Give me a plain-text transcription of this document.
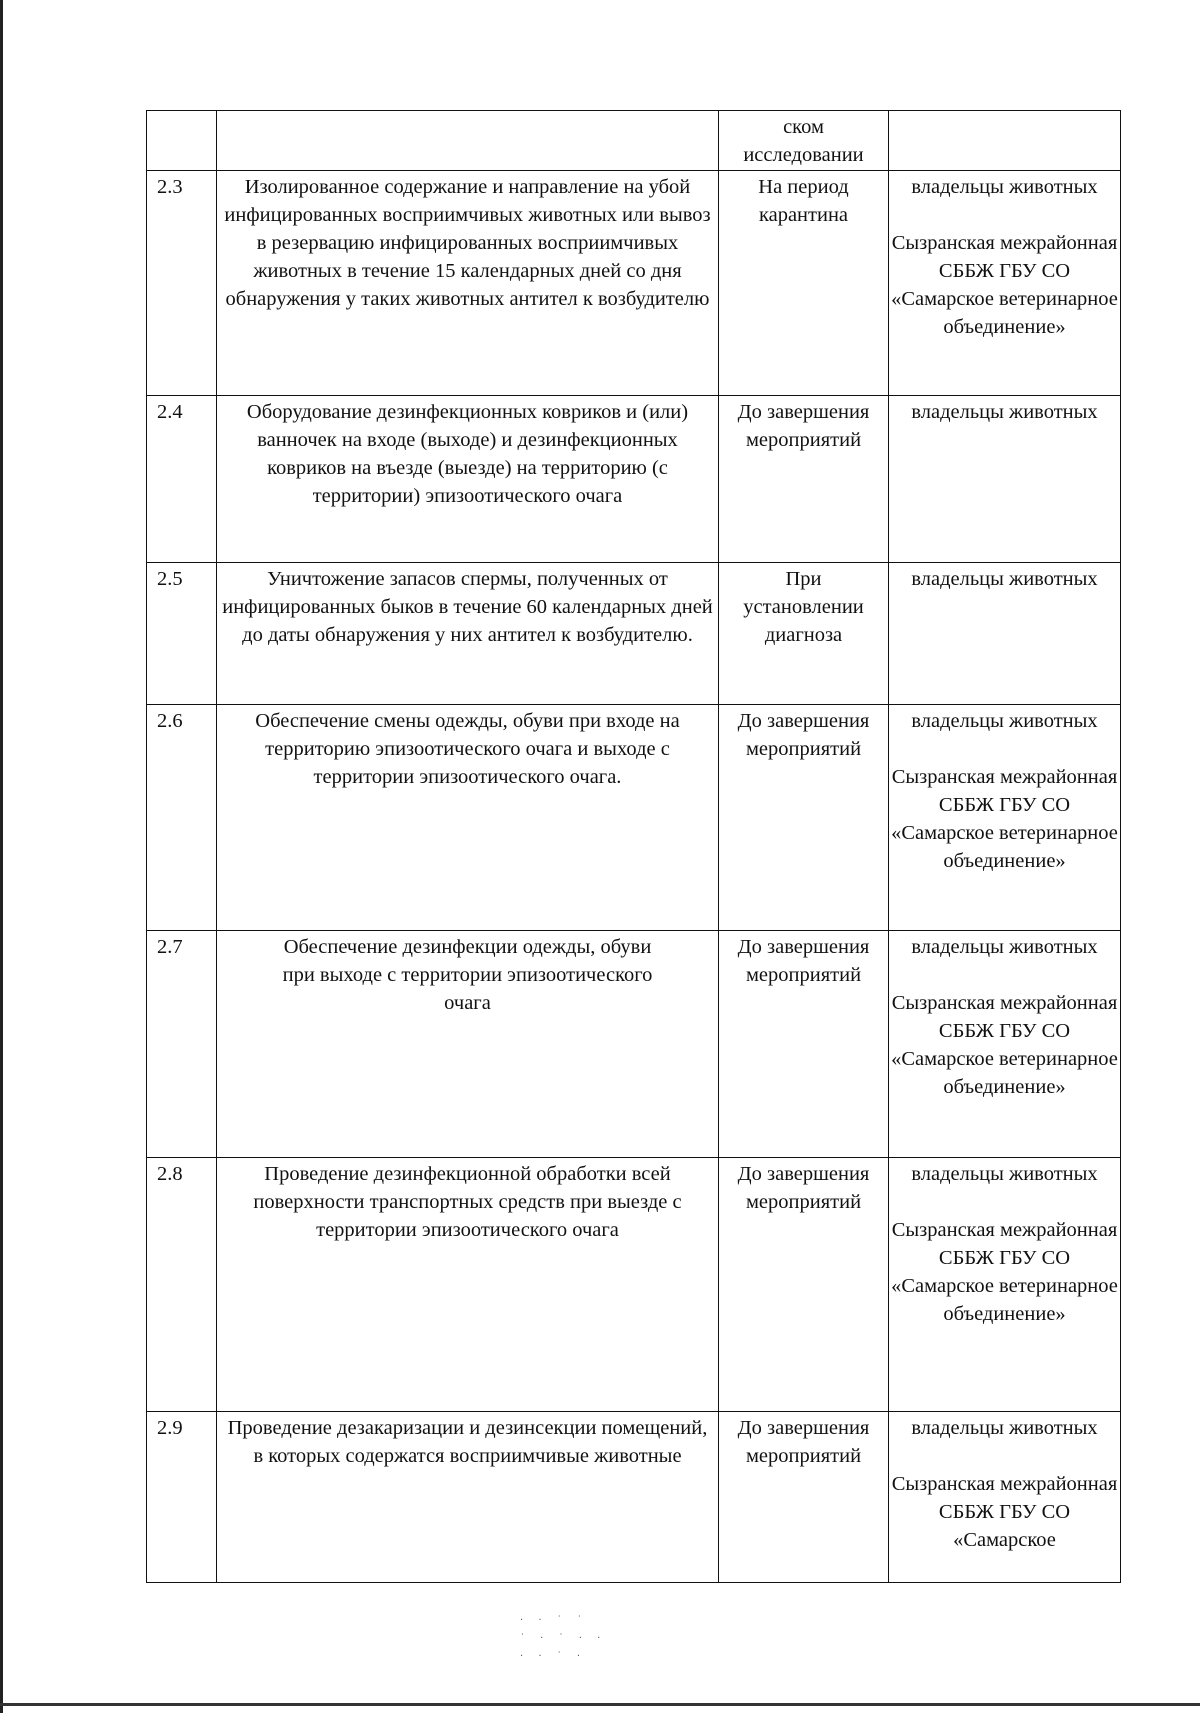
		ском исследовании	
2.3	Изолированное содержание и направление на убой инфицированных восприимчивых животных или вывоз в резервацию инфицированных восприимчивых животных в течение 15 календарных дней со дня обнаружения у таких животных антител к возбудителю	На период карантина	владельцы животных
Сызранская межрайонная СББЖ ГБУ СО «Самарское ветеринарное объединение»

2.4	Оборудование дезинфекционных ковриков и (или) ванночек на входе (выходе) и дезинфекционных ковриков на въезде (выезде) на территорию (с территории) эпизоотического очага	До завершения мероприятий	владельцы животных

2.5	Уничтожение запасов спермы, полученных от инфицированных быков в течение 60 календарных дней до даты обнаружения у них антител к возбудителю.	При установлении диагноза	владельцы животных

2.6	Обеспечение смены одежды, обуви при входе на территорию эпизоотического очага и выходе с территории эпизоотического очага.	До завершения мероприятий	владельцы животных
Сызранская межрайонная СББЖ ГБУ СО «Самарское ветеринарное объединение»

2.7	Обеспечение дезинфекции одежды, обуви при выходе с территории эпизоотического очага	До завершения мероприятий	владельцы животных
Сызранская межрайонная СББЖ ГБУ СО «Самарское ветеринарное объединение»

2.8	Проведение дезинфекционной обработки всей поверхности транспортных средств при выезде с территории эпизоотического очага	До завершения мероприятий	владельцы животных
Сызранская межрайонная СББЖ ГБУ СО «Самарское ветеринарное объединение»

2.9	Проведение дезакаризации и дезинсекции помещений, в которых содержатся восприимчивые животные	До завершения мероприятий	владельцы животных
Сызранская межрайонная СББЖ ГБУ СО «Самарское
· · ˙ ˙
˙ · ˙ · ·
· · ˙ ·
